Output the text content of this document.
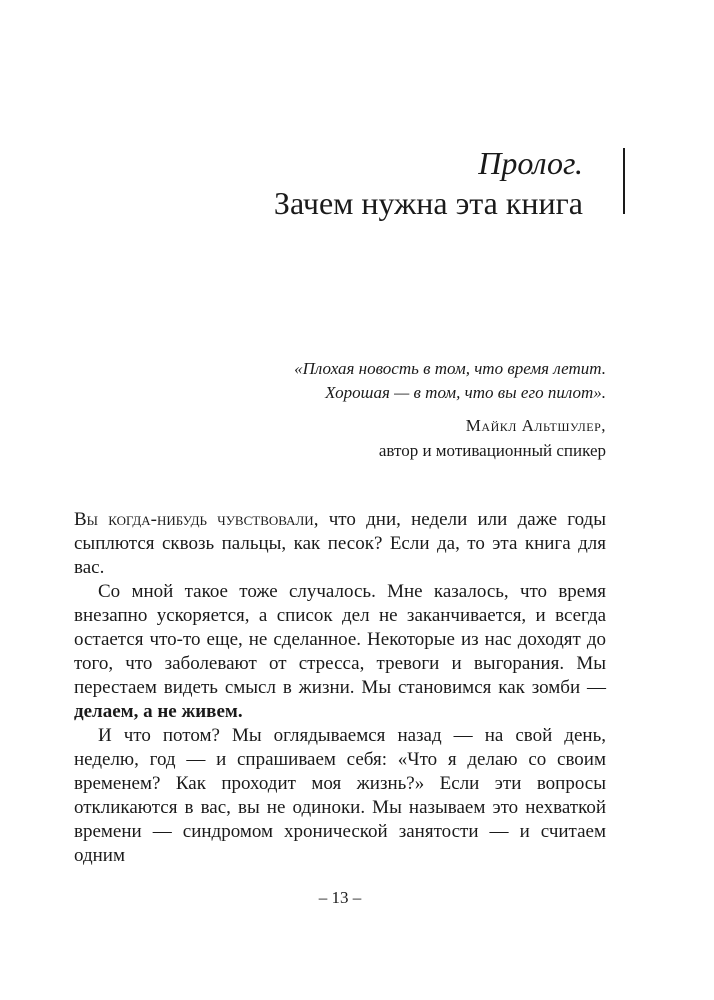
Пролог.
Зачем нужна эта книга

«Плохая новость в том, что время летит.
Хорошая — в том, что вы его пилот».

Майкл Альтшулер,
автор и мотивационный спикер

Вы когда-нибудь чувствовали, что дни, недели или даже годы сыплются сквозь пальцы, как песок? Если да, то эта книга для вас.

Со мной такое тоже случалось. Мне казалось, что время внезапно ускоряется, а список дел не заканчивается, и всегда остается что-то еще, не сделанное. Некоторые из нас доходят до того, что заболевают от стресса, тревоги и выгорания. Мы перестаем видеть смысл в жизни. Мы становимся как зомби — делаем, а не живем.

И что потом? Мы оглядываемся назад — на свой день, неделю, год — и спрашиваем себя: «Что я делаю со своим временем? Как проходит моя жизнь?» Если эти вопросы откликаются в вас, вы не одиноки. Мы называем это нехваткой времени — синдромом хронической занятости — и считаем одним

– 13 –
